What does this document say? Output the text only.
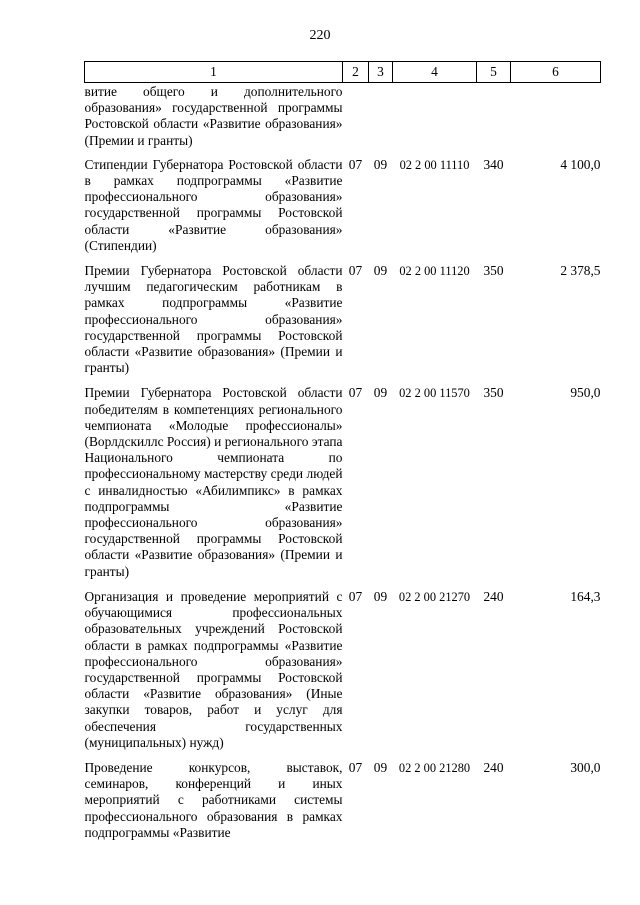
220
1	2	3	4	5	6
витие общего и дополнительного образования» государственной программы Ростовской области «Развитие образования» (Премии и гранты)					
Стипендии Губернатора Ростовской области в рамках подпрограммы «Развитие профессионального образования» государственной программы Ростовской области «Развитие образования» (Стипендии)	07	09	02 2 00 11110	340	4 100,0
Премии Губернатора Ростовской области лучшим педагогическим работникам в рамках подпрограммы «Развитие профессионального образования» государственной программы Ростовской области «Развитие образования» (Премии и гранты)	07	09	02 2 00 11120	350	2 378,5
Премии Губернатора Ростовской области победителям в компетенциях регионального чемпионата «Молодые профессионалы» (Ворлдскиллс Россия) и регионального этапа Национального чемпионата по профессиональному мастерству среди людей с инвалидностью «Абилимпикс» в рамках подпрограммы «Развитие профессионального образования» государственной программы Ростовской области «Развитие образования» (Премии и гранты)	07	09	02 2 00 11570	350	950,0
Организация и проведение мероприятий с обучающимися профессиональных образовательных учреждений Ростовской области в рамках подпрограммы «Развитие профессионального образования» государственной программы Ростовской области «Развитие образования» (Иные закупки товаров, работ и услуг для обеспечения государственных (муниципальных) нужд)	07	09	02 2 00 21270	240	164,3
Проведение конкурсов, выставок, семинаров, конференций и иных мероприятий с работниками системы профессионального образования в рамках подпрограммы «Развитие	07	09	02 2 00 21280	240	300,0
